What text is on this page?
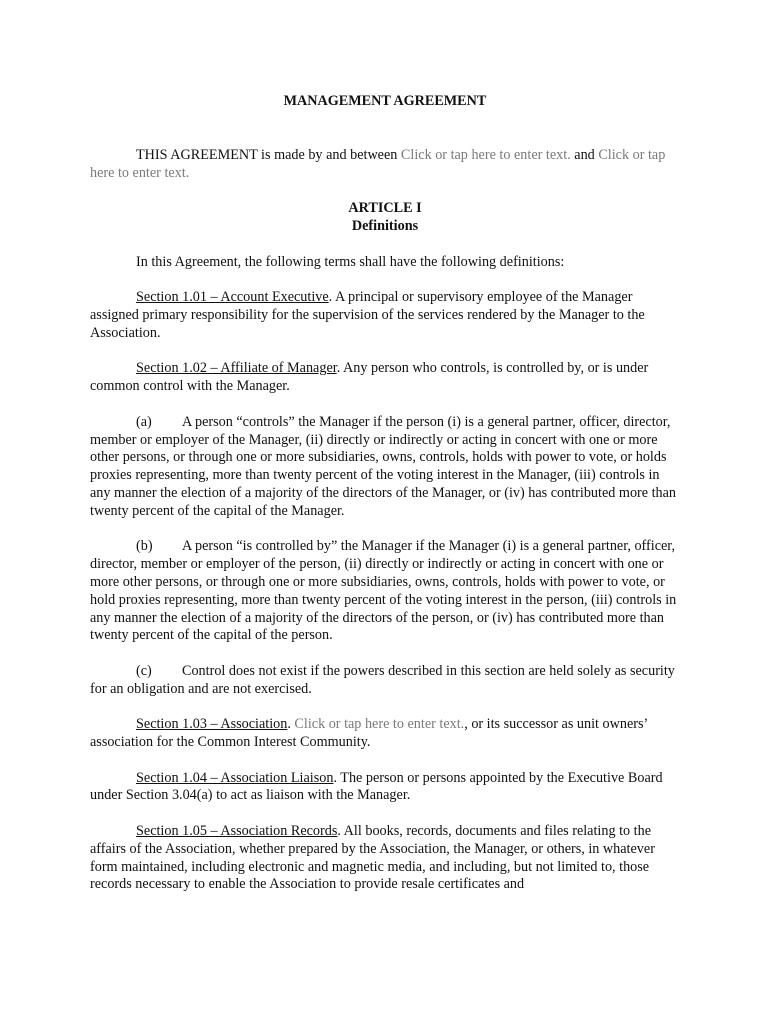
MANAGEMENT AGREEMENT

THIS AGREEMENT is made by and between Click or tap here to enter text. and Click or tap here to enter text.

ARTICLE I
Definitions

In this Agreement, the following terms shall have the following definitions:

Section 1.01 – Account Executive. A principal or supervisory employee of the Manager assigned primary responsibility for the supervision of the services rendered by the Manager to the Association.

Section 1.02 – Affiliate of Manager. Any person who controls, is controlled by, or is under common control with the Manager.

(a) A person “controls” the Manager if the person (i) is a general partner, officer, director, member or employer of the Manager, (ii) directly or indirectly or acting in concert with one or more other persons, or through one or more subsidiaries, owns, controls, holds with power to vote, or holds proxies representing, more than twenty percent of the voting interest in the Manager, (iii) controls in any manner the election of a majority of the directors of the Manager, or (iv) has contributed more than twenty percent of the capital of the Manager.

(b) A person “is controlled by” the Manager if the Manager (i) is a general partner, officer, director, member or employer of the person, (ii) directly or indirectly or acting in concert with one or more other persons, or through one or more subsidiaries, owns, controls, holds with power to vote, or hold proxies representing, more than twenty percent of the voting interest in the person, (iii) controls in any manner the election of a majority of the directors of the person, or (iv) has contributed more than twenty percent of the capital of the person.

(c) Control does not exist if the powers described in this section are held solely as security for an obligation and are not exercised.

Section 1.03 – Association. Click or tap here to enter text., or its successor as unit owners’ association for the Common Interest Community.

Section 1.04 – Association Liaison. The person or persons appointed by the Executive Board under Section 3.04(a) to act as liaison with the Manager.

Section 1.05 – Association Records. All books, records, documents and files relating to the affairs of the Association, whether prepared by the Association, the Manager, or others, in whatever form maintained, including electronic and magnetic media, and including, but not limited to, those records necessary to enable the Association to provide resale certificates and
